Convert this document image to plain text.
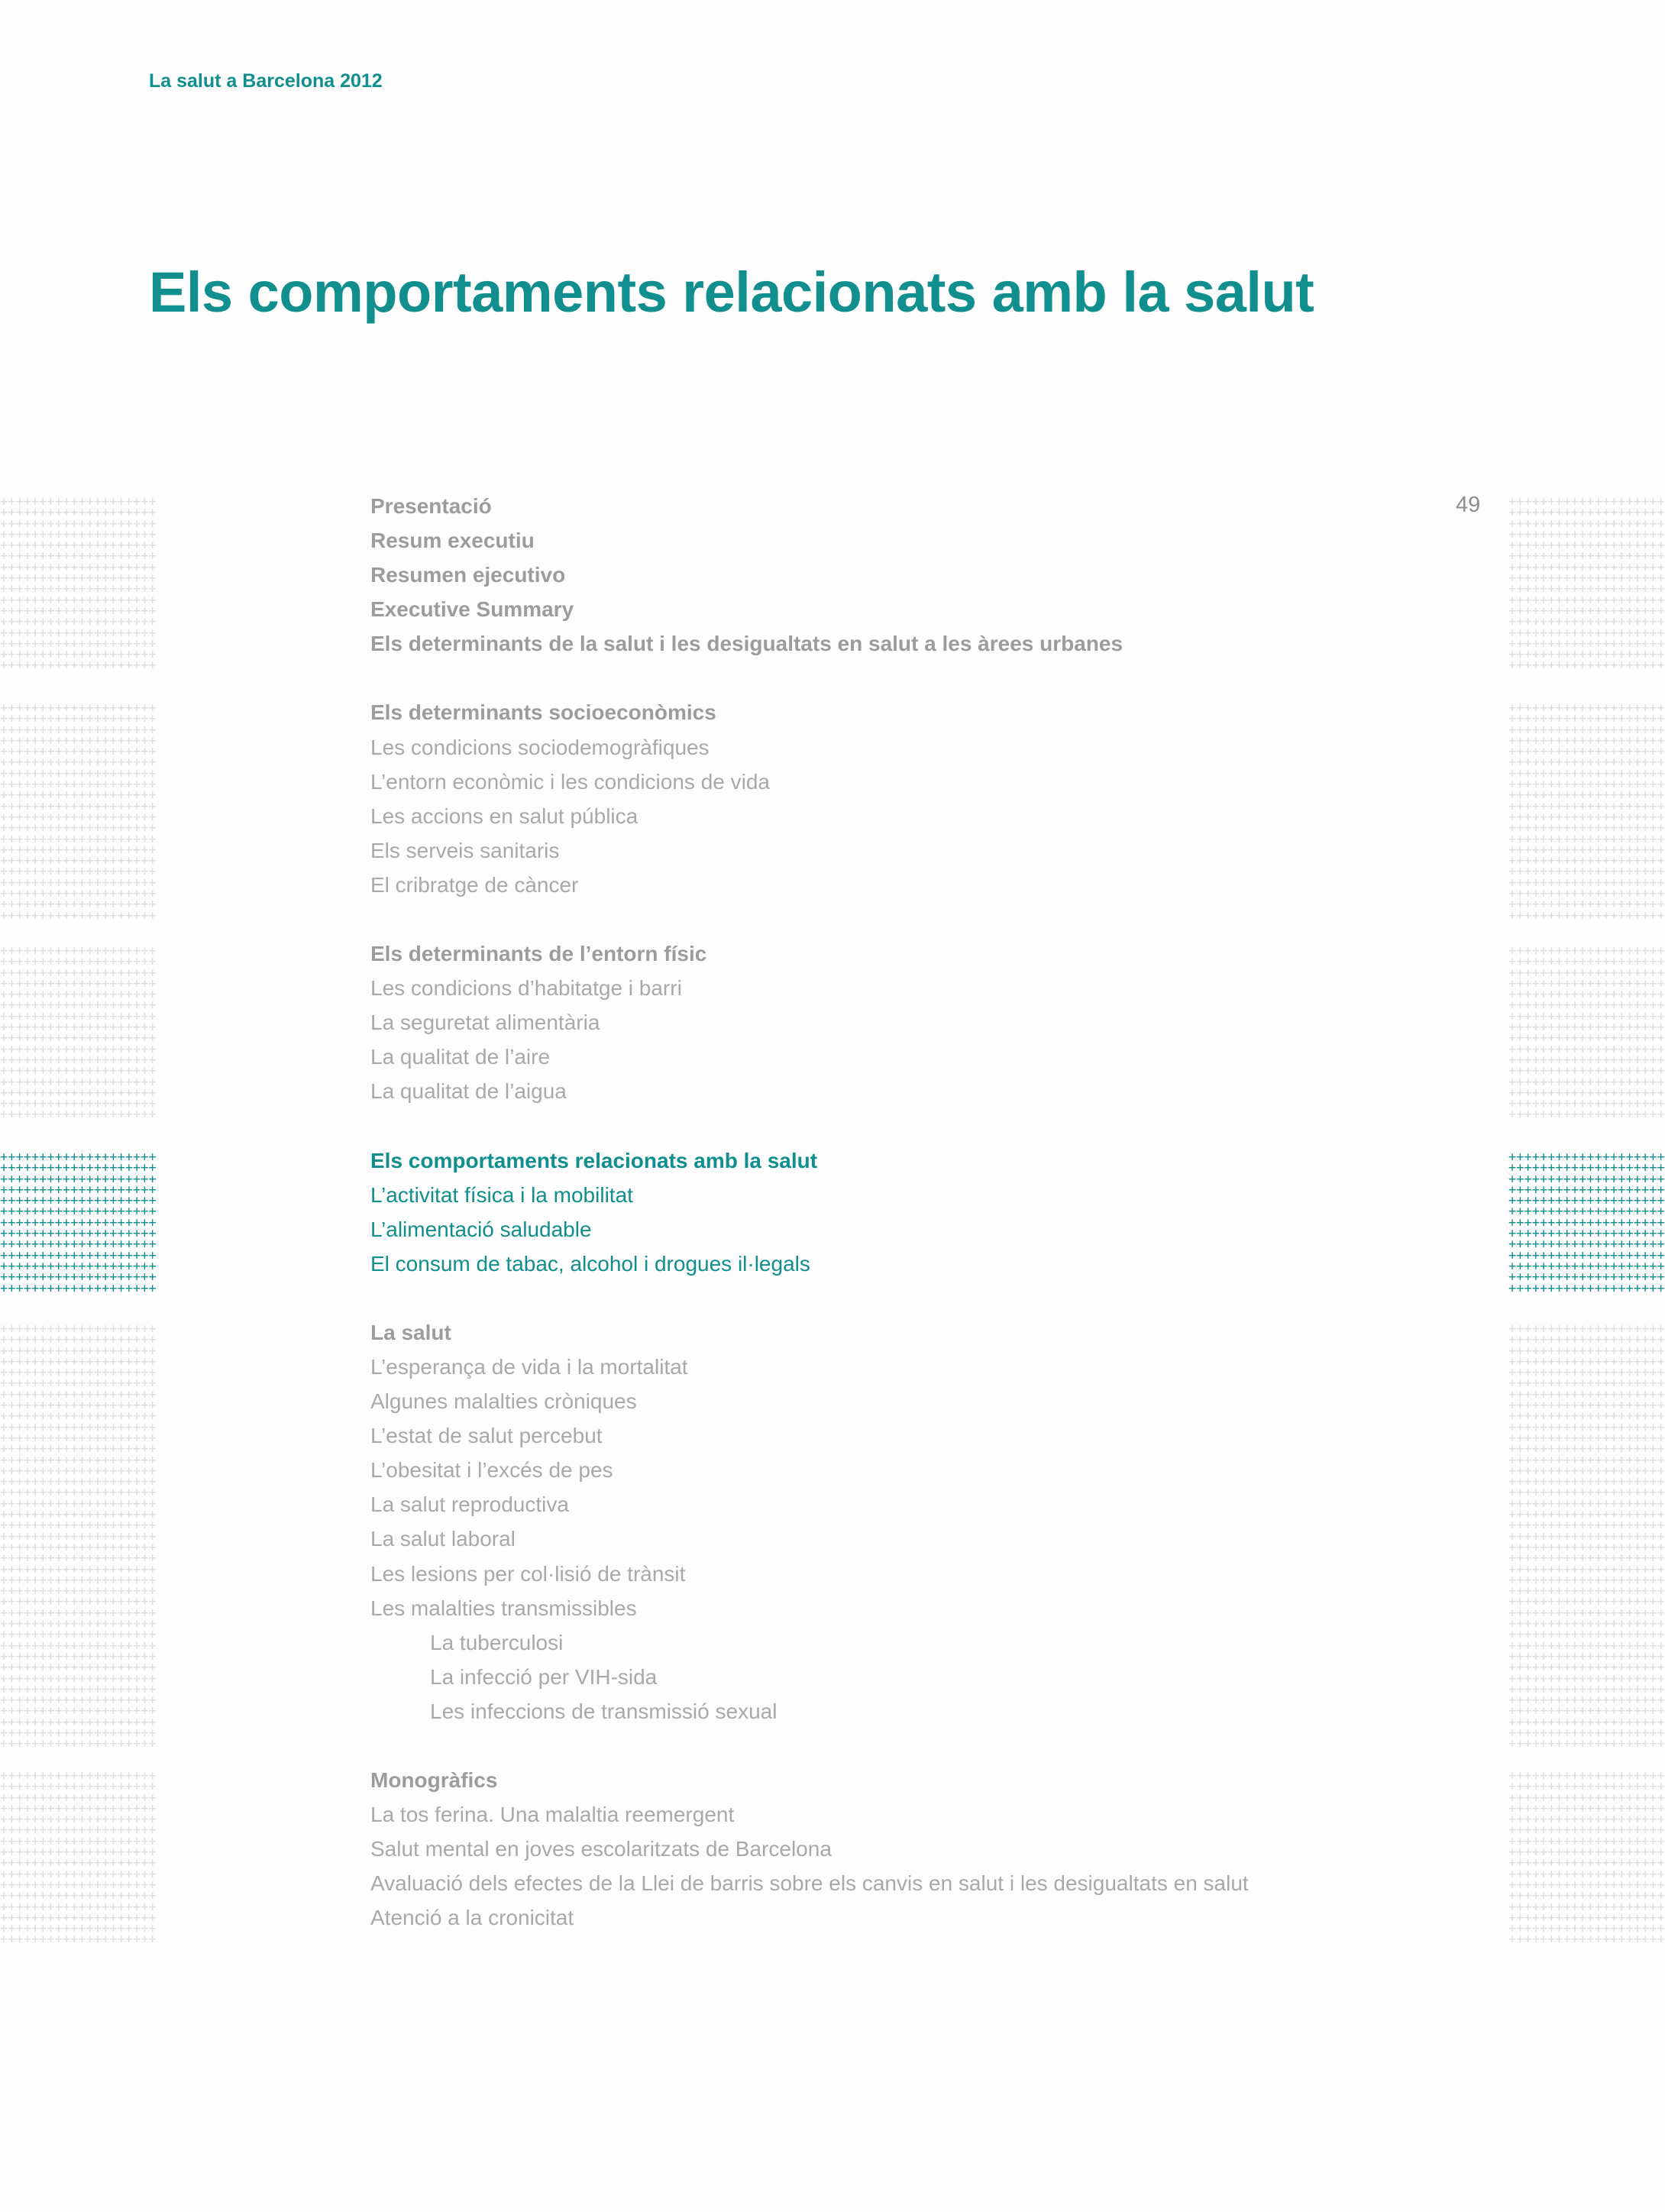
La salut a Barcelona 2012
Els comportaments relacionats amb la salut
49
++++++++++++++++++++
++++++++++++++++++++
++++++++++++++++++++
++++++++++++++++++++
++++++++++++++++++++
++++++++++++++++++++
++++++++++++++++++++
++++++++++++++++++++
++++++++++++++++++++
++++++++++++++++++++
++++++++++++++++++++
++++++++++++++++++++
++++++++++++++++++++
++++++++++++++++++++
++++++++++++++++++++
++++++++++++++++++++
++++++++++++++++++++
++++++++++++++++++++
++++++++++++++++++++
++++++++++++++++++++
++++++++++++++++++++
++++++++++++++++++++
++++++++++++++++++++
++++++++++++++++++++
++++++++++++++++++++
++++++++++++++++++++
++++++++++++++++++++
++++++++++++++++++++
++++++++++++++++++++
++++++++++++++++++++
++++++++++++++++++++
++++++++++++++++++++
++++++++++++++++++++
++++++++++++++++++++
++++++++++++++++++++
++++++++++++++++++++
++++++++++++++++++++
++++++++++++++++++++
++++++++++++++++++++
++++++++++++++++++++
++++++++++++++++++++
++++++++++++++++++++
++++++++++++++++++++
++++++++++++++++++++
++++++++++++++++++++
++++++++++++++++++++
++++++++++++++++++++
++++++++++++++++++++
++++++++++++++++++++
++++++++++++++++++++
++++++++++++++++++++
++++++++++++++++++++
++++++++++++++++++++
++++++++++++++++++++
++++++++++++++++++++
++++++++++++++++++++
++++++++++++++++++++
++++++++++++++++++++
++++++++++++++++++++
++++++++++++++++++++
++++++++++++++++++++
++++++++++++++++++++
++++++++++++++++++++
++++++++++++++++++++
++++++++++++++++++++
++++++++++++++++++++
++++++++++++++++++++
++++++++++++++++++++
++++++++++++++++++++
++++++++++++++++++++
++++++++++++++++++++
++++++++++++++++++++
++++++++++++++++++++
++++++++++++++++++++
++++++++++++++++++++
++++++++++++++++++++
++++++++++++++++++++
++++++++++++++++++++
++++++++++++++++++++
++++++++++++++++++++
++++++++++++++++++++
++++++++++++++++++++
++++++++++++++++++++
++++++++++++++++++++
++++++++++++++++++++
++++++++++++++++++++
++++++++++++++++++++
++++++++++++++++++++
++++++++++++++++++++
++++++++++++++++++++
++++++++++++++++++++
++++++++++++++++++++
++++++++++++++++++++
++++++++++++++++++++
++++++++++++++++++++
++++++++++++++++++++
++++++++++++++++++++
++++++++++++++++++++
++++++++++++++++++++
++++++++++++++++++++
++++++++++++++++++++
++++++++++++++++++++
++++++++++++++++++++
++++++++++++++++++++
++++++++++++++++++++
++++++++++++++++++++
++++++++++++++++++++
++++++++++++++++++++
++++++++++++++++++++
++++++++++++++++++++
++++++++++++++++++++
++++++++++++++++++++
++++++++++++++++++++
++++++++++++++++++++
++++++++++++++++++++
++++++++++++++++++++
++++++++++++++++++++
++++++++++++++++++++
++++++++++++++++++++
++++++++++++++++++++
++++++++++++++++++++
++++++++++++++++++++
++++++++++++++++++++
++++++++++++++++++++
++++++++++++++++++++
++++++++++++++++++++
++++++++++++++++++++
++++++++++++++++++++
++++++++++++++++++++
++++++++++++++++++++
++++++++++++++++++++
++++++++++++++++++++
++++++++++++++++++++
++++++++++++++++++++
++++++++++++++++++++
++++++++++++++++++++
++++++++++++++++++++
++++++++++++++++++++
++++++++++++++++++++
++++++++++++++++++++
++++++++++++++++++++
++++++++++++++++++++
++++++++++++++++++++
++++++++++++++++++++
++++++++++++++++++++
++++++++++++++++++++
++++++++++++++++++++
++++++++++++++++++++
++++++++++++++++++++
++++++++++++++++++++
++++++++++++++++++++
++++++++++++++++++++
++++++++++++++++++++
++++++++++++++++++++
++++++++++++++++++++
++++++++++++++++++++
++++++++++++++++++++
++++++++++++++++++++
++++++++++++++++++++
++++++++++++++++++++
++++++++++++++++++++
++++++++++++++++++++
++++++++++++++++++++
++++++++++++++++++++
++++++++++++++++++++
++++++++++++++++++++
++++++++++++++++++++
++++++++++++++++++++
++++++++++++++++++++
++++++++++++++++++++
++++++++++++++++++++
++++++++++++++++++++
++++++++++++++++++++
++++++++++++++++++++
++++++++++++++++++++
++++++++++++++++++++
++++++++++++++++++++
++++++++++++++++++++
++++++++++++++++++++
++++++++++++++++++++
++++++++++++++++++++
++++++++++++++++++++
++++++++++++++++++++
++++++++++++++++++++
++++++++++++++++++++
++++++++++++++++++++
++++++++++++++++++++
++++++++++++++++++++
++++++++++++++++++++
++++++++++++++++++++
++++++++++++++++++++
++++++++++++++++++++
++++++++++++++++++++
++++++++++++++++++++
++++++++++++++++++++
++++++++++++++++++++
++++++++++++++++++++
++++++++++++++++++++
++++++++++++++++++++
++++++++++++++++++++
++++++++++++++++++++
++++++++++++++++++++
++++++++++++++++++++
++++++++++++++++++++
++++++++++++++++++++
++++++++++++++++++++
++++++++++++++++++++
++++++++++++++++++++
++++++++++++++++++++
++++++++++++++++++++
++++++++++++++++++++
++++++++++++++++++++
++++++++++++++++++++
++++++++++++++++++++
++++++++++++++++++++
++++++++++++++++++++
++++++++++++++++++++
++++++++++++++++++++
++++++++++++++++++++
++++++++++++++++++++
++++++++++++++++++++
++++++++++++++++++++
++++++++++++++++++++
++++++++++++++++++++
++++++++++++++++++++
++++++++++++++++++++
++++++++++++++++++++
++++++++++++++++++++
++++++++++++++++++++
++++++++++++++++++++
++++++++++++++++++++
++++++++++++++++++++
++++++++++++++++++++
++++++++++++++++++++
++++++++++++++++++++
++++++++++++++++++++
++++++++++++++++++++
++++++++++++++++++++
++++++++++++++++++++
++++++++++++++++++++
Presentació
Resum executiu
Resumen ejecutivo
Executive Summary
Els determinants de la salut i les desigualtats en salut a les àrees urbanes
Els determinants socioeconòmics
Les condicions sociodemogràfiques
L’entorn econòmic i les condicions de vida
Les accions en salut pública
Els serveis sanitaris
El cribratge de càncer
Els determinants de l’entorn físic
Les condicions d’habitatge i barri
La seguretat alimentària
La qualitat de l’aire
La qualitat de l’aigua
Els comportaments relacionats amb la salut
L’activitat física i la mobilitat
L’alimentació saludable
El consum de tabac, alcohol i drogues il·legals
La salut
L’esperança de vida i la mortalitat
Algunes malalties cròniques
L’estat de salut percebut
L’obesitat i l’excés de pes
La salut reproductiva
La salut laboral
Les lesions per col·lisió de trànsit
Les malalties transmissibles
La tuberculosi
La infecció per VIH-sida
Les infeccions de transmissió sexual
Monogràfics
La tos ferina. Una malaltia reemergent
Salut mental en joves escolaritzats de Barcelona
Avaluació dels efectes de la Llei de barris sobre els canvis en salut i les desigualtats en salut
Atenció a la cronicitat
